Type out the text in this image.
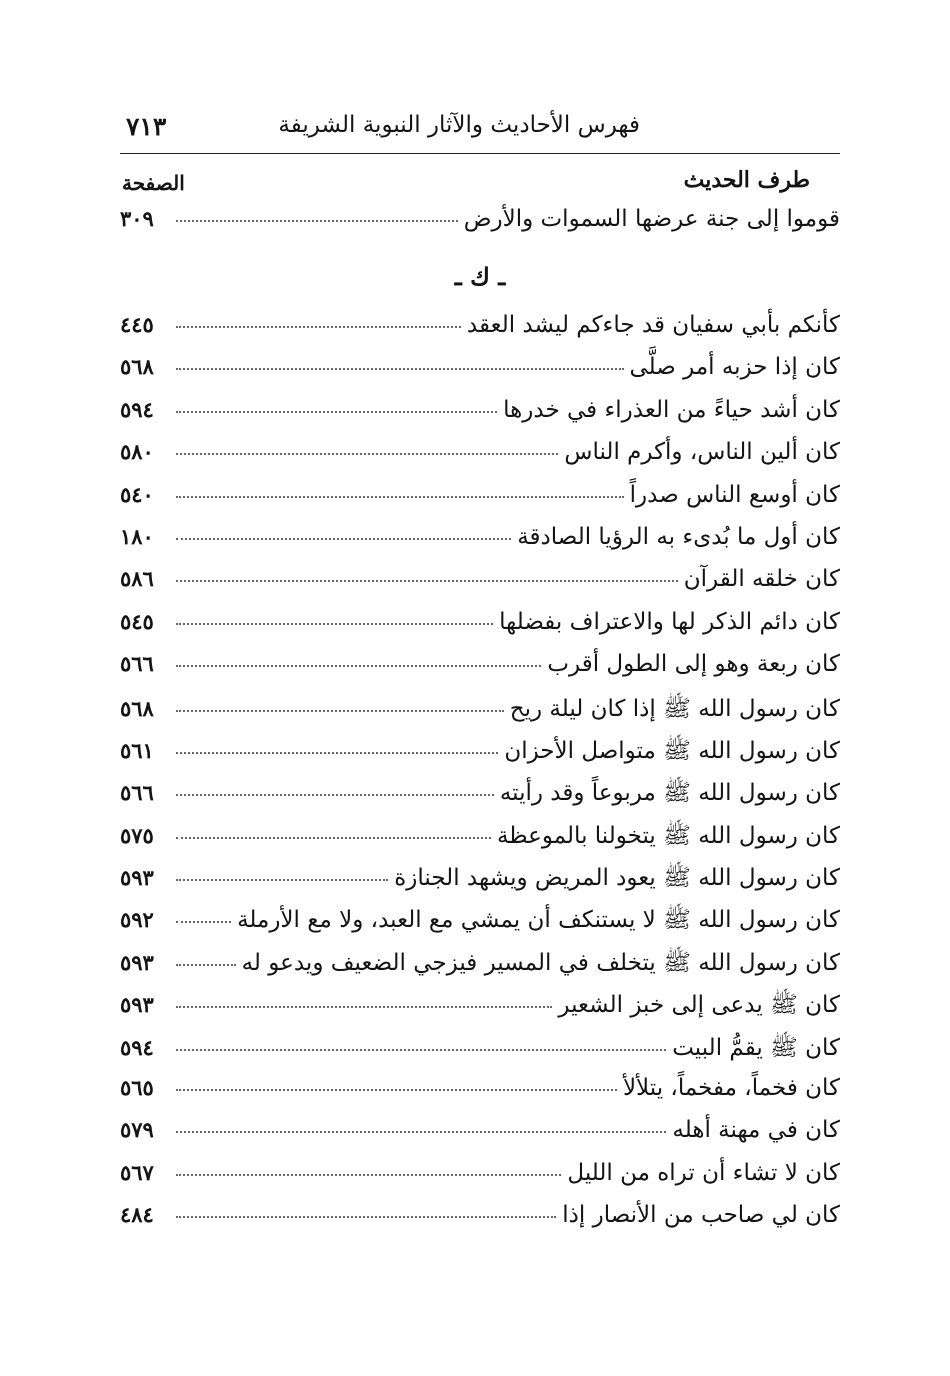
فهرس الأحاديث والآثار النبوية الشريفة
٧١٣
طرف الحديث
الصفحة
قوموا إلى جنة عرضها السموات والأرض
٣٠٩
ـ ك ـ
كأنكم بأبي سفيان قد جاءكم ليشد العقد
٤٤٥
كان إذا حزبه أمر صلَّى
٥٦٨
كان أشد حياءً من العذراء في خدرها
٥٩٤
كان ألين الناس، وأكرم الناس
٥٨٠
كان أوسع الناس صدراً
٥٤٠
كان أول ما بُدىء به الرؤيا الصادقة
١٨٠
كان خلقه القرآن
٥٨٦
كان دائم الذكر لها والاعتراف بفضلها
٥٤٥
كان ربعة وهو إلى الطول أقرب
٥٦٦
كان رسول الله ﷺ إذا كان ليلة ريح
٥٦٨
كان رسول الله ﷺ متواصل الأحزان
٥٦١
كان رسول الله ﷺ مربوعاً وقد رأيته
٥٦٦
كان رسول الله ﷺ يتخولنا بالموعظة
٥٧٥
كان رسول الله ﷺ يعود المريض ويشهد الجنازة
٥٩٣
كان رسول الله ﷺ لا يستنكف أن يمشي مع العبد، ولا مع الأرملة
٥٩٢
كان رسول الله ﷺ يتخلف في المسير فيزجي الضعيف ويدعو له
٥٩٣
كان ﷺ يدعى إلى خبز الشعير
٥٩٣
كان ﷺ يقمُّ البيت
٥٩٤
كان فخماً، مفخماً، يتلألأ
٥٦٥
كان في مهنة أهله
٥٧٩
كان لا تشاء أن تراه من الليل
٥٦٧
كان لي صاحب من الأنصار إذا
٤٨٤
